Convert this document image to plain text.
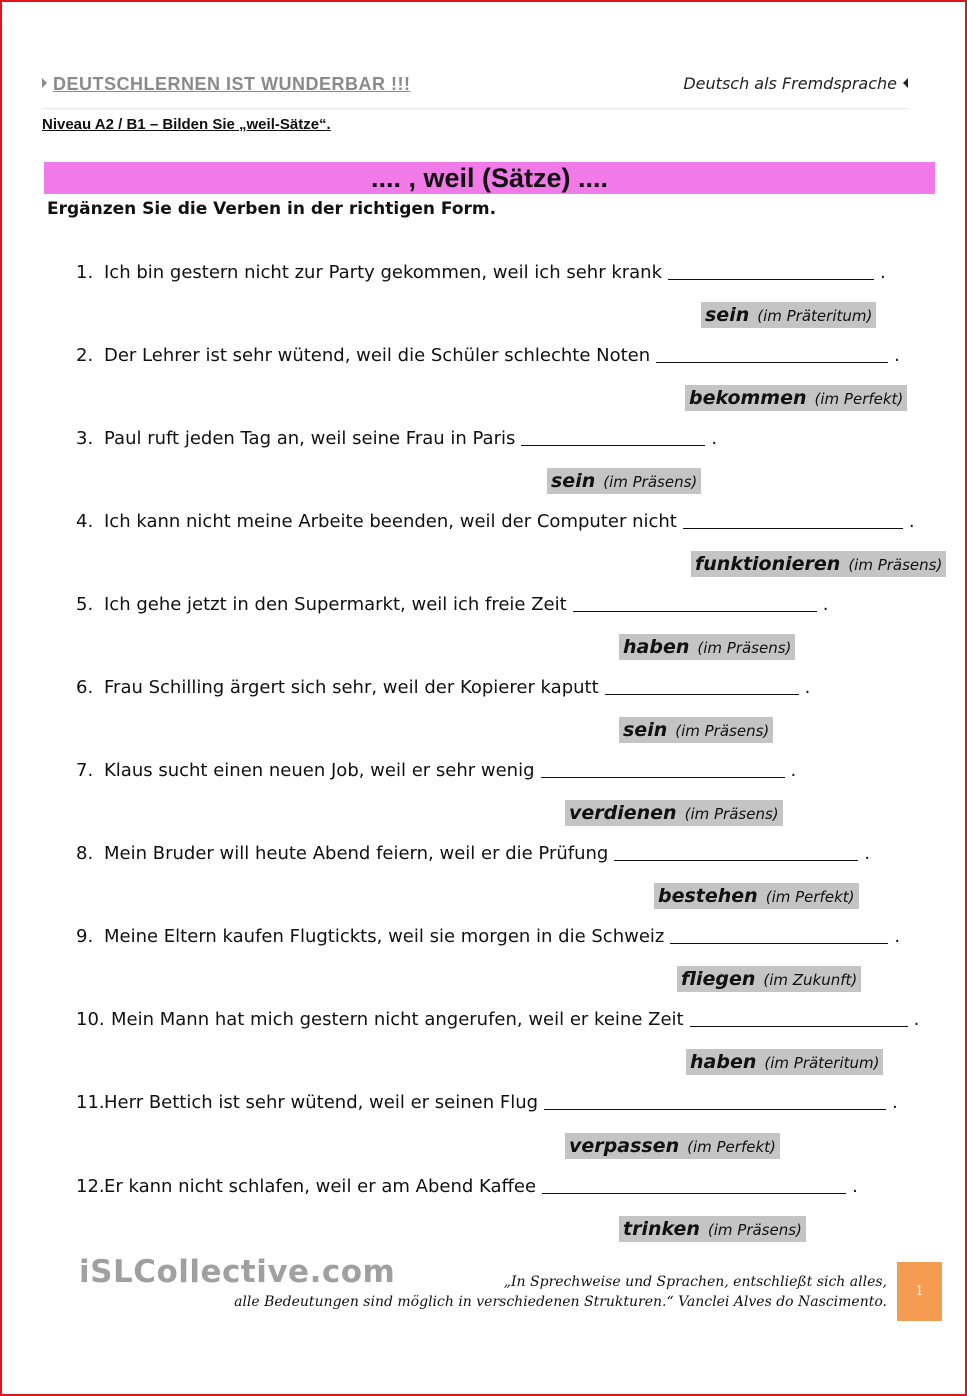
DEUTSCHLERNEN IST WUNDERBAR !!!	Deutsch als Fremdsprache
Niveau A2 / B1 – Bilden Sie „weil-Sätze“.
.... , weil (Sätze) ....
Ergänzen Sie die Verben in der richtigen Form.
1. Ich bin gestern nicht zur Party gekommen, weil ich sehr krank	.
sein (im Präteritum)
2. Der Lehrer ist sehr wütend, weil die Schüler schlechte Noten	.
bekommen (im Perfekt)
3. Paul ruft jeden Tag an, weil seine Frau in Paris	.
sein (im Präsens)
4. Ich kann nicht meine Arbeite beenden, weil der Computer nicht	.
funktionieren (im Präsens)
5. Ich gehe jetzt in den Supermarkt, weil ich freie Zeit	.
haben (im Präsens)
6. Frau Schilling ärgert sich sehr, weil der Kopierer kaputt	.
sein (im Präsens)
7. Klaus sucht einen neuen Job, weil er sehr wenig	.
verdienen (im Präsens)
8. Mein Bruder will heute Abend feiern, weil er die Prüfung	.
bestehen (im Perfekt)
9. Meine Eltern kaufen Flugtickts, weil sie morgen in die Schweiz	.
fliegen (im Zukunft)
10. Mein Mann hat mich gestern nicht angerufen, weil er keine Zeit	.
haben (im Präteritum)
11.Herr Bettich ist sehr wütend, weil er seinen Flug	.
verpassen (im Perfekt)
12.Er kann nicht schlafen, weil er am Abend Kaffee	.
trinken (im Präsens)
iSLCollective.com	„In Sprechweise und Sprachen, entschließt sich alles,
alle Bedeutungen sind möglich in verschiedenen Strukturen.“ Vanclei Alves do Nascimento.
1
